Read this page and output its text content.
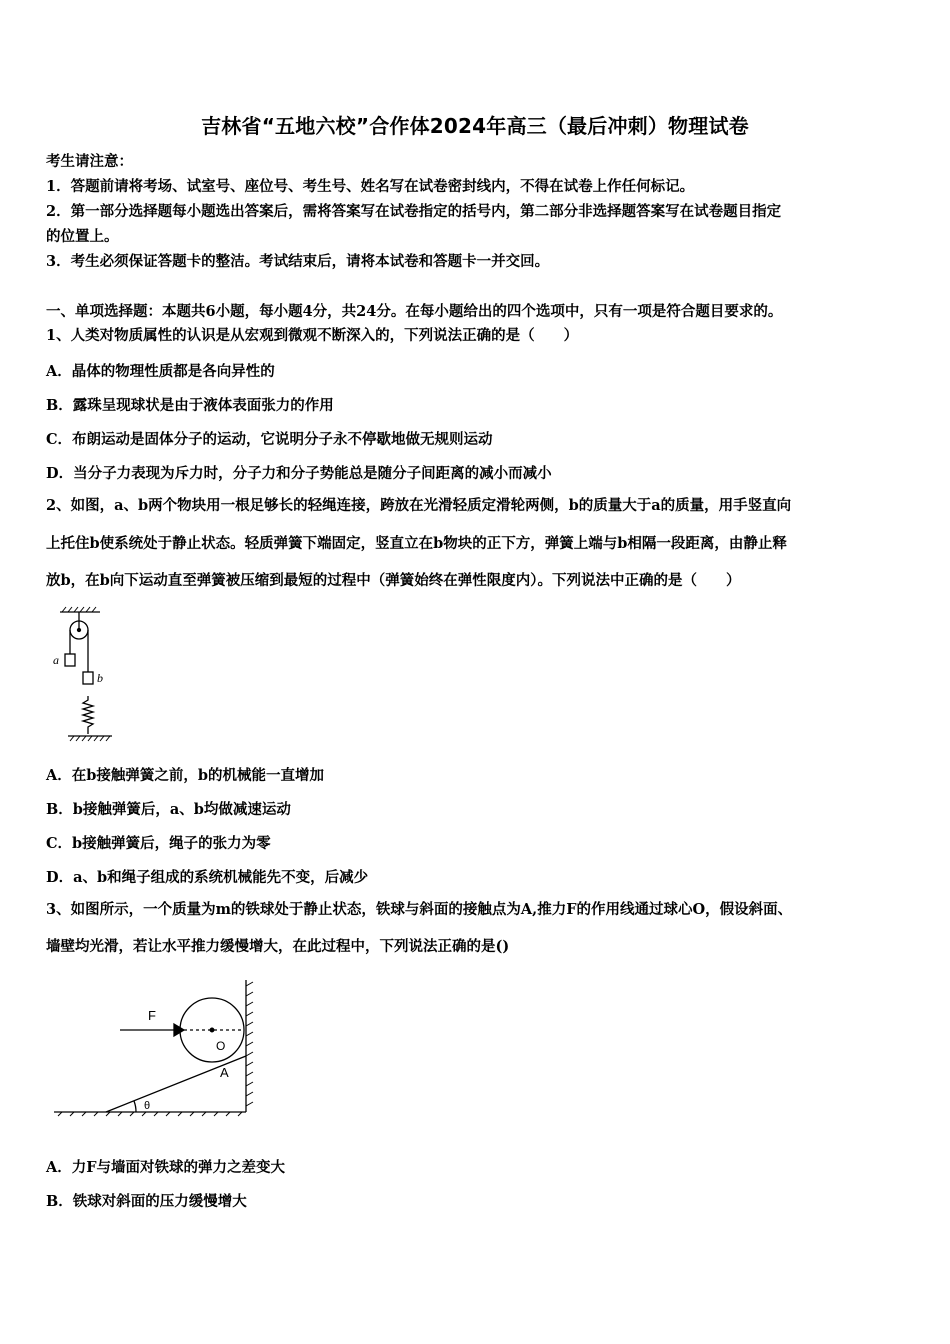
吉林省“五地六校”合作体2024年高三（最后冲刺）物理试卷
考生请注意：
1．答题前请将考场、试室号、座位号、考生号、姓名写在试卷密封线内，不得在试卷上作任何标记。
2．第一部分选择题每小题选出答案后，需将答案写在试卷指定的括号内，第二部分非选择题答案写在试卷题目指定
的位置上。
3．考生必须保证答题卡的整洁。考试结束后，请将本试卷和答题卡一并交回。
一、单项选择题：本题共6小题，每小题4分，共24分。在每小题给出的四个选项中，只有一项是符合题目要求的。
1、人类对物质属性的认识是从宏观到微观不断深入的，下列说法正确的是（　　）
A．晶体的物理性质都是各向异性的
B．露珠呈现球状是由于液体表面张力的作用
C．布朗运动是固体分子的运动，它说明分子永不停歇地做无规则运动
D．当分子力表现为斥力时，分子力和分子势能总是随分子间距离的减小而减小
2、如图，a、b两个物块用一根足够长的轻绳连接，跨放在光滑轻质定滑轮两侧，b的质量大于a的质量，用手竖直向
上托住b使系统处于静止状态。轻质弹簧下端固定，竖直立在b物块的正下方，弹簧上端与b相隔一段距离，由静止释
放b，在b向下运动直至弹簧被压缩到最短的过程中（弹簧始终在弹性限度内）。下列说法中正确的是（　　）
a
b
A．在b接触弹簧之前，b的机械能一直增加
B．b接触弹簧后，a、b均做减速运动
C．b接触弹簧后，绳子的张力为零
D．a、b和绳子组成的系统机械能先不变，后减少
3、如图所示，一个质量为m的铁球处于静止状态，铁球与斜面的接触点为A,推力F的作用线通过球心O，假设斜面、
墙壁均光滑，若让水平推力缓慢增大，在此过程中，下列说法正确的是()
F
O
A
θ
A．力F与墙面对铁球的弹力之差变大
B．铁球对斜面的压力缓慢增大
